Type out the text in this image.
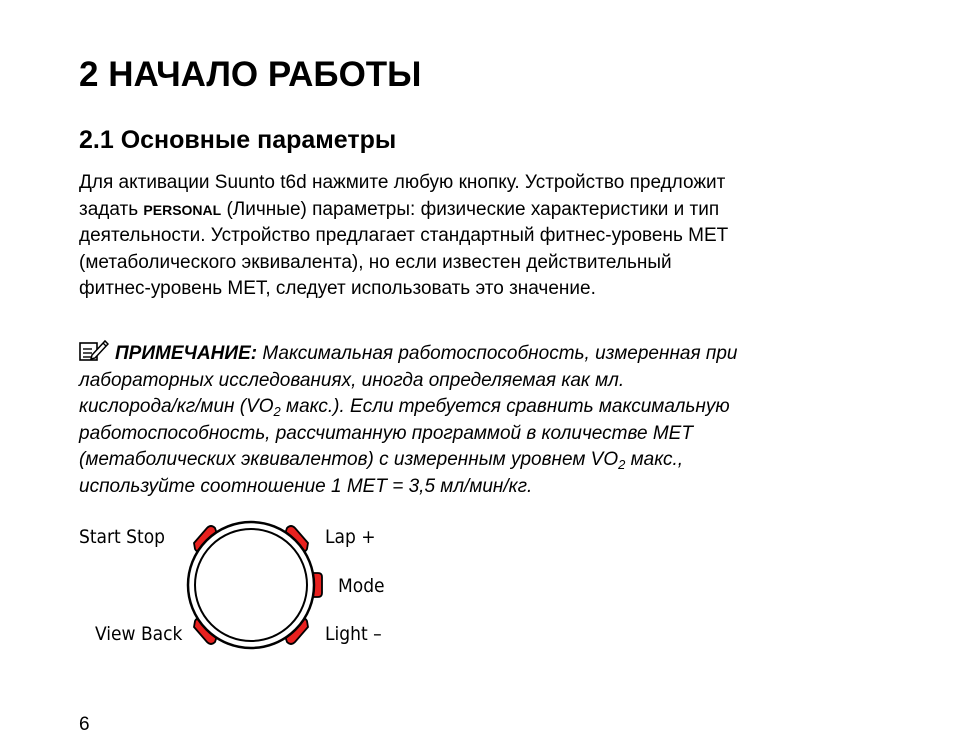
2 НАЧАЛО РАБОТЫ
2.1 Основные параметры

Для активации Suunto t6d нажмите любую кнопку. Устройство предложит
задать PERSONAL (Личные) параметры: физические характеристики и тип
деятельности. Устройство предлагает стандартный фитнес-уровень MET
(метаболического эквивалента), но если известен действительный
фитнес-уровень MET, следует использовать это значение.

ПРИМЕЧАНИЕ: Максимальная работоспособность, измеренная при
лабораторных исследованиях, иногда определяемая как мл.
кислорода/кг/мин ($VO_2$ макс.). Если требуется сравнить максимальную
работоспособность, рассчитанную программой в количестве MET
(метаболических эквивалентов) с измеренным уровнем $VO_2$ макс.,
используйте соотношение 1 MET = 3,5 мл/мин/кг.
Start Stop
View Back
Lap +
Mode
Light –

6
